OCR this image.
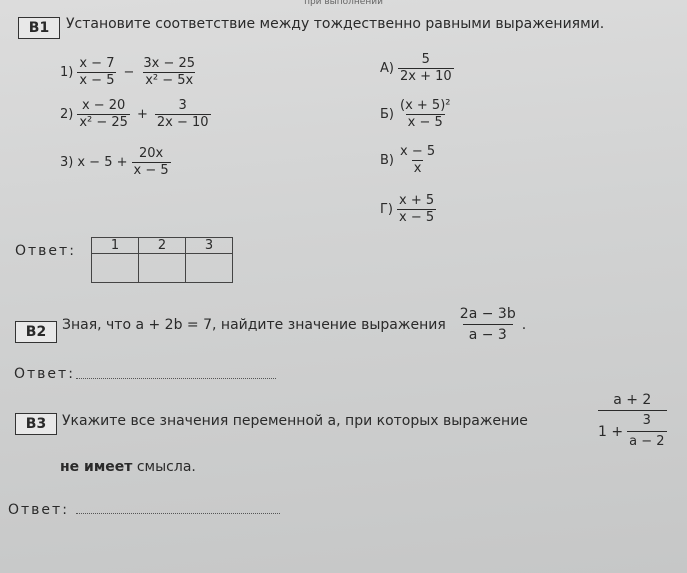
при выполнении
B1	Установите соответствие между тождественно равными выражениями.
$1) \frac{x - 7}{x - 5} - \frac{3x - 25}{\text{x² − 5x}}$
$2) \frac{x - 20}{\text{x² − 25}} + \frac{3}{2x - 10}$
3) $x - 5 + \frac{20x}{x - 5}$
$А) \frac{5}{2x + 10}$
$Б) \frac{\text{(x + 5)²}}{x - 5}$
$В) \frac{x - 5}{x}$
$Г) \frac{x + 5}{x - 5}$
Ответ:	1	2	3

B2	Зная, что a + 2b = 7, найдите значение выражения $\frac{2a - 3b}{a - 3}$ .
Ответ:
B3	Укажите все значения переменной a, при которых выражение	$\frac{a + 2}{1 + \frac{3}{a - 2}}$
не имеет смысла.
Ответ:
